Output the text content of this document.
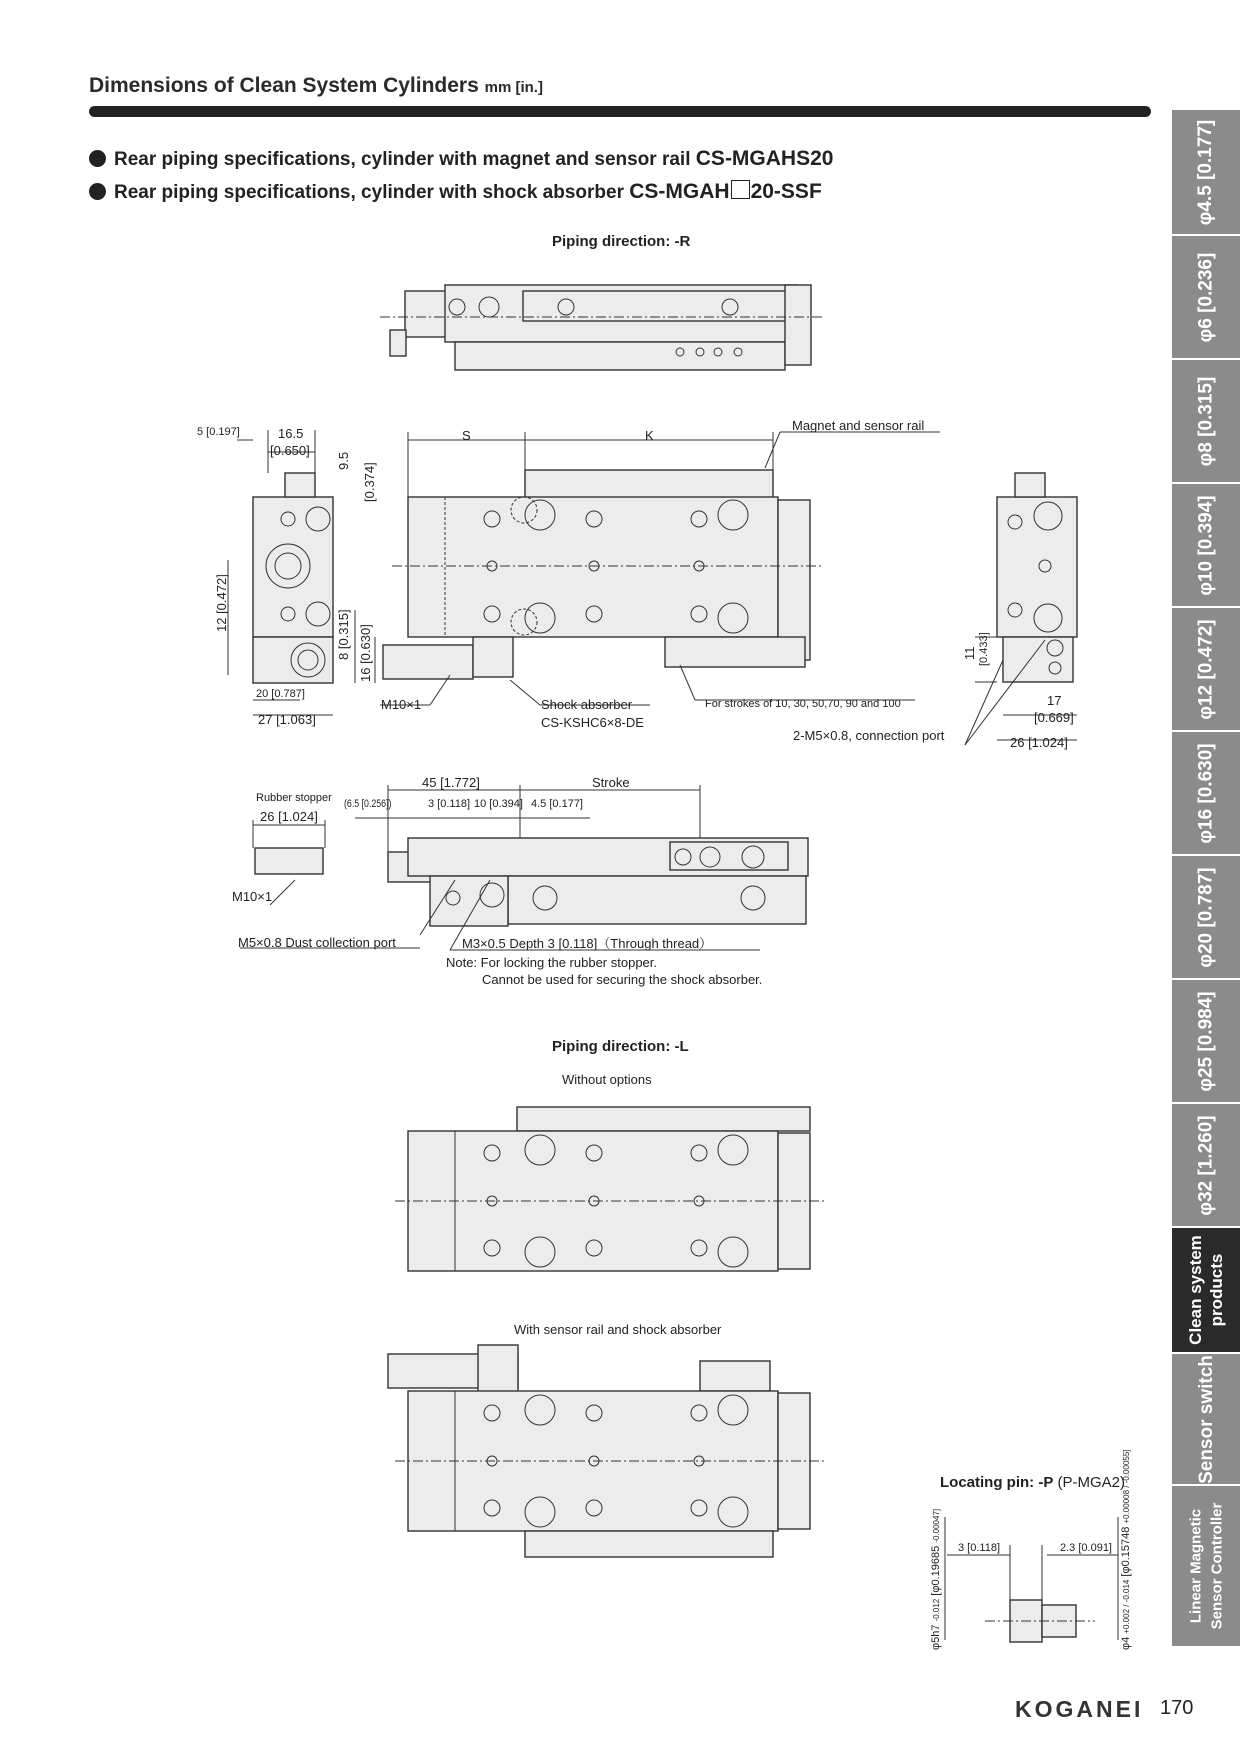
Dimensions of Clean System Cylinders mm [in.]
Rear piping specifications, cylinder with magnet and sensor rail CS-MGAHS20
Rear piping specifications, cylinder with shock absorber CS-MGAH 20-SSF
Piping direction: -R
5 [0.197]	16.5
[0.650]
9.5
[0.374]
12 [0.472]
8 [0.315] 16 [0.630]
20 [0.787]
27 [1.063]
S	K
Magnet and sensor rail
M10×1	Shock absorber
CS-KSHC6×8-DE
For strokes of 10, 30, 50,70, 90 and 100
2-M5×0.8, connection port
11 [0.433]
17
[0.669]
26 [1.024]
Rubber stopper
26 [1.024]
M10×1
45 [1.772]	Stroke
(6.5 [0.256])	3 [0.118] 10 [0.394] 4.5 [0.177]
M5×0.8 Dust collection port	M3×0.5 Depth 3 [0.118]（Through thread）
Note: For locking the rubber stopper.
Cannot be used for securing the shock absorber.
Piping direction: -L
Without options
With sensor rail and shock absorber
Locating pin: -P (P-MGA2)
3 [0.118]	2.3 [0.091]
φ5h7 -0.012 [φ0.19685 -0.00047]
φ4 +0.002 / -0.014 [φ0.15748 +0.00008 / -0.00055]
φ4.5 [0.177]
φ6 [0.236]
φ8 [0.315]
φ10 [0.394]
φ12 [0.472]
φ16 [0.630]
φ20 [0.787]
φ25 [0.984]
φ32 [1.260]
Clean system products
Sensor switch
Linear Magnetic Sensor Controller
KOGANEI 170
